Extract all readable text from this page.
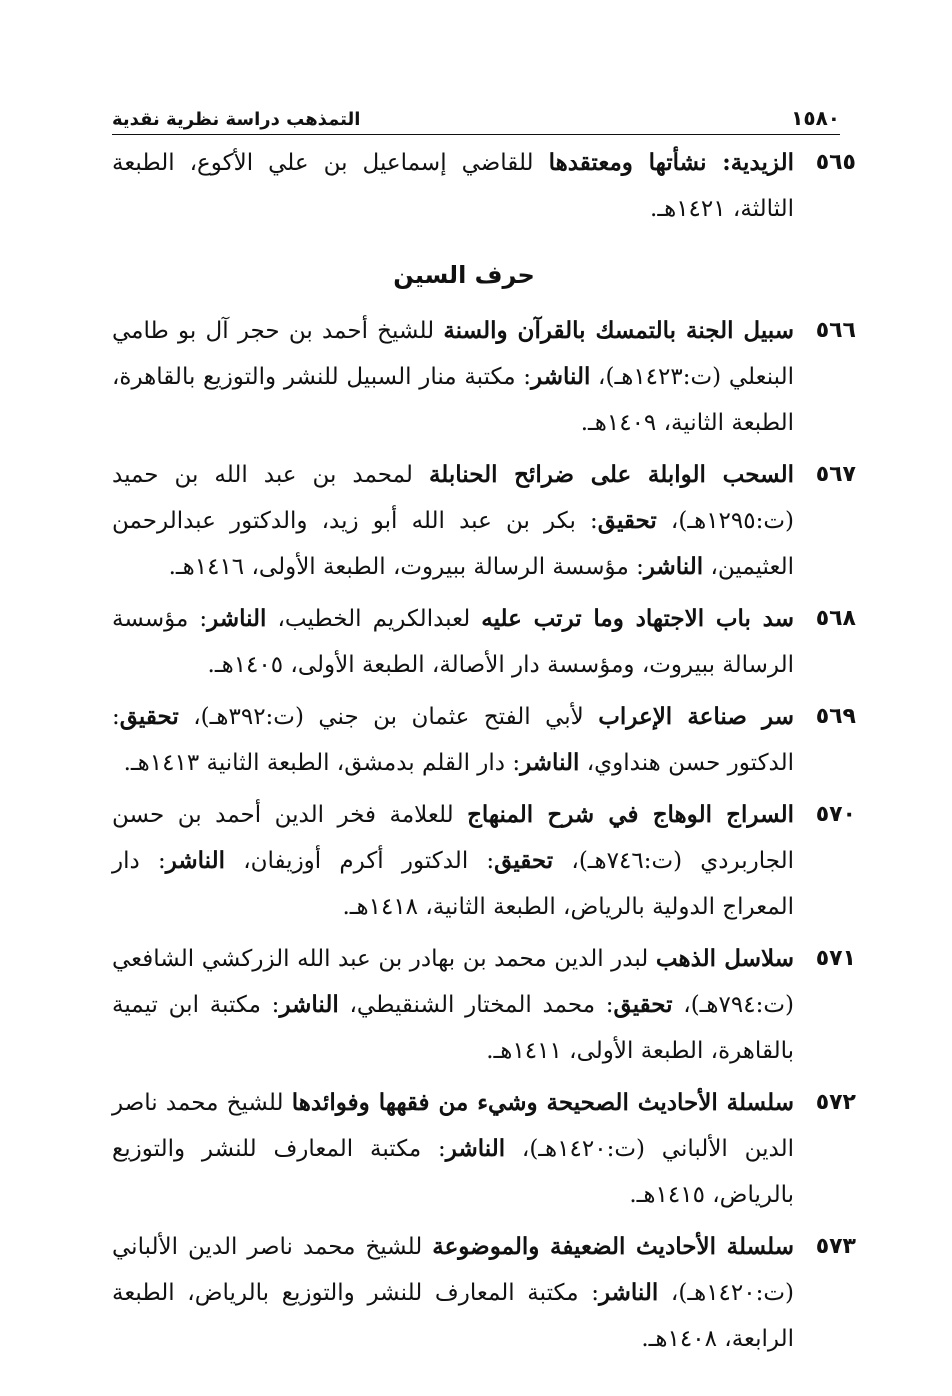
١٥٨٠
التمذهب دراسة نظرية نقدية
٥٦٥
الزيدية: نشأتها ومعتقدها للقاضي إسماعيل بن علي الأكوع، الطبعة الثالثة، ١٤٢١هـ.
حرف السين
٥٦٦
سبيل الجنة بالتمسك بالقرآن والسنة للشيخ أحمد بن حجر آل بو طامي البنعلي (ت:١٤٢٣هـ)، الناشر: مكتبة منار السبيل للنشر والتوزيع بالقاهرة، الطبعة الثانية، ١٤٠٩هـ.
٥٦٧
السحب الوابلة على ضرائح الحنابلة لمحمد بن عبد الله بن حميد (ت:١٢٩٥هـ)، تحقيق: بكر بن عبد الله أبو زيد، والدكتور عبدالرحمن العثيمين، الناشر: مؤسسة الرسالة ببيروت، الطبعة الأولى، ١٤١٦هـ.
٥٦٨
سد باب الاجتهاد وما ترتب عليه لعبدالكريم الخطيب، الناشر: مؤسسة الرسالة ببيروت، ومؤسسة دار الأصالة، الطبعة الأولى، ١٤٠٥هـ.
٥٦٩
سر صناعة الإعراب لأبي الفتح عثمان بن جني (ت:٣٩٢هـ)، تحقيق: الدكتور حسن هنداوي، الناشر: دار القلم بدمشق، الطبعة الثانية ١٤١٣هـ.
٥٧٠
السراج الوهاج في شرح المنهاج للعلامة فخر الدين أحمد بن حسن الجاربردي (ت:٧٤٦هـ)، تحقيق: الدكتور أكرم أوزيفان، الناشر: دار المعراج الدولية بالرياض، الطبعة الثانية، ١٤١٨هـ.
٥٧١
سلاسل الذهب لبدر الدين محمد بن بهادر بن عبد الله الزركشي الشافعي (ت:٧٩٤هـ)، تحقيق: محمد المختار الشنقيطي، الناشر: مكتبة ابن تيمية بالقاهرة، الطبعة الأولى، ١٤١١هـ.
٥٧٢
سلسلة الأحاديث الصحيحة وشيء من فقهها وفوائدها للشيخ محمد ناصر الدين الألباني (ت:١٤٢٠هـ)، الناشر: مكتبة المعارف للنشر والتوزيع بالرياض، ١٤١٥هـ.
٥٧٣
سلسلة الأحاديث الضعيفة والموضوعة للشيخ محمد ناصر الدين الألباني (ت:١٤٢٠هـ)، الناشر: مكتبة المعارف للنشر والتوزيع بالرياض، الطبعة الرابعة، ١٤٠٨هـ.
